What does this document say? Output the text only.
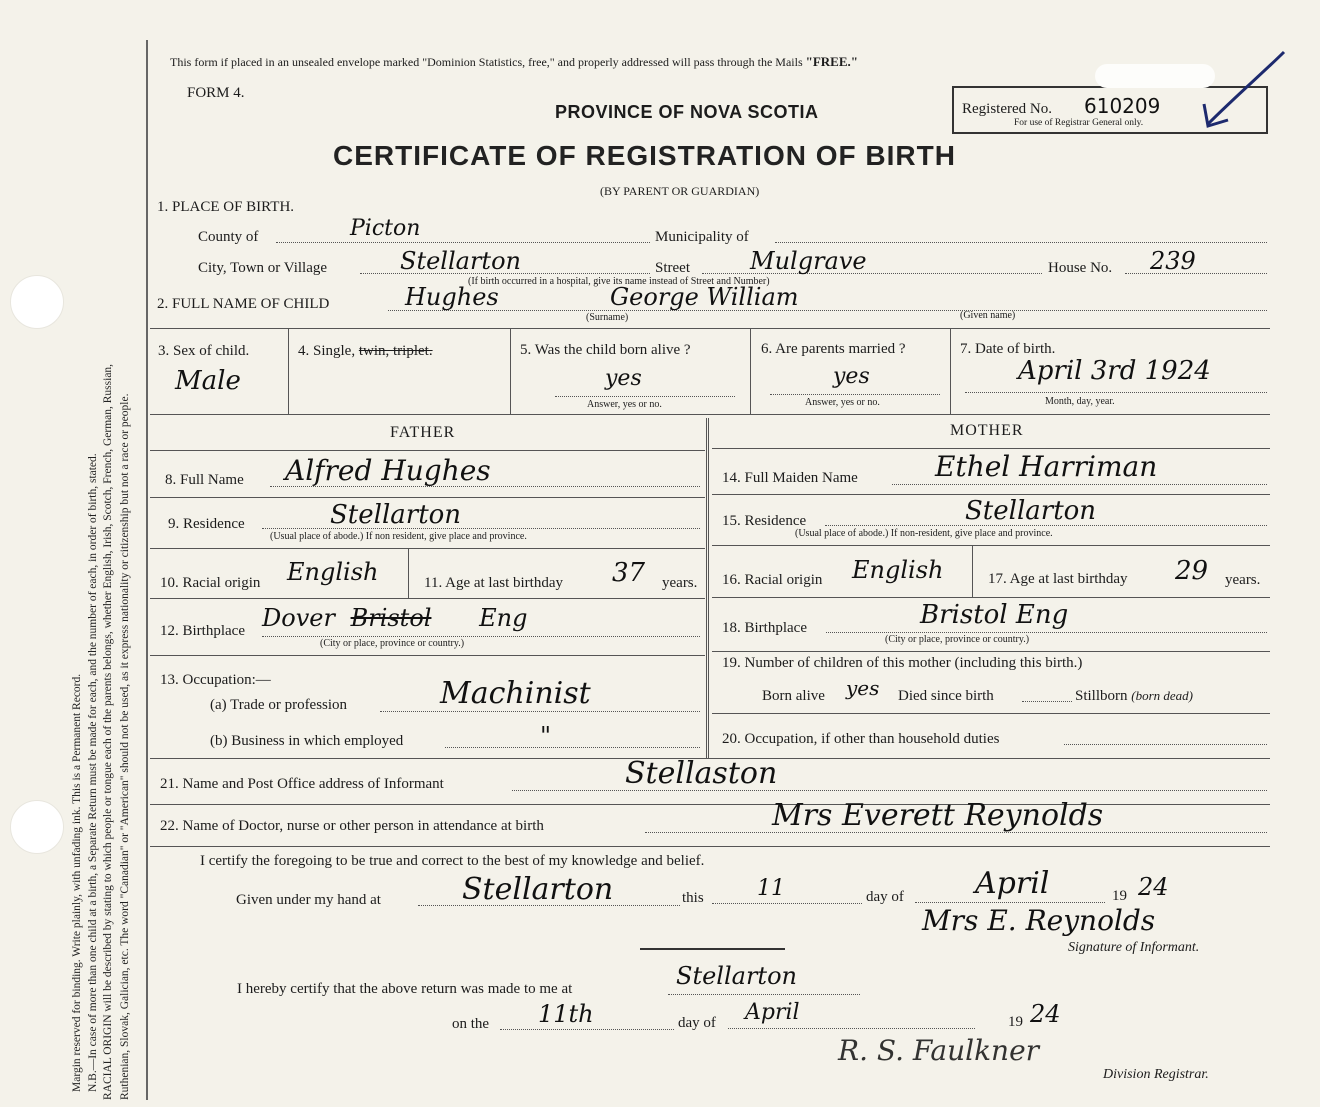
Margin reserved for binding. Write plainly, with unfading ink. This is a Permanent Record. N.B.—In case of more than one child at a birth, a Separate Return must be made for each, and the number of each, in order of birth, stated. RACIAL ORIGIN will be described by stating to which people or tongue each of the parents belongs, whether English, Irish, Scotch, French, German, Russian, Ruthenian, Slovak, Galician, etc. The word "Canadian" or "American" should not be used, as it express nationality or citizenship but not a race or people.
This form if placed in an unsealed envelope marked "Dominion Statistics, free," and properly addressed will pass through the Mails "FREE."
FORM 4.
PROVINCE OF NOVA SCOTIA
CERTIFICATE OF REGISTRATION OF BIRTH
(BY PARENT OR GUARDIAN)
Registered No. 610209
For use of Registrar General only.
1. PLACE OF BIRTH.
County of	Picton	Municipality of
City, Town or Village	Stellarton	Street	Mulgrave	House No. 239
(If birth occurred in a hospital, give its name instead of Street and Number)
2. FULL NAME OF CHILD	Hughes	George William
(Surname)	(Given name)
3. Sex of child.
Male
4. Single, twin, triplet.	5. Was the child born alive ?
yes
Answer, yes or no.
6. Are parents married ?
yes
Answer, yes or no.
7. Date of birth.
April 3rd 1924
Month, day, year.
FATHER	MOTHER
8. Full Name Alfred Hughes
9. Residence	Stellarton
(Usual place of abode.) If non resident, give place and province.
10. Racial origin English	11. Age at last birthday 37 years.
12. Birthplace Dover Bristol Eng
(City or place, province or country.)
13. Occupation:—
(a) Trade or profession	Machinist
(b) Business in which employed	"
14. Full Maiden Name	Ethel Harriman
15. Residence	Stellarton
(Usual place of abode.) If non-resident, give place and province.
16. Racial origin English	17. Age at last birthday 29 years.
18. Birthplace	Bristol Eng
(City or place, province or country.)
19. Number of children of this mother (including this birth.)
Born alive yes Died since birth	Stillborn (born dead)
20. Occupation, if other than household duties
21. Name and Post Office address of Informant	Stellaston
22. Name of Doctor, nurse or other person in attendance at birth	Mrs Everett Reynolds
I certify the foregoing to be true and correct to the best of my knowledge and belief.
Given under my hand at	Stellarton	this 11	day of April	19 24
Mrs E. Reynolds
Signature of Informant.
I hereby certify that the above return was made to me at	Stellarton
on the 11th	day of April	19 24
R. S. Faulkner
Division Registrar.
